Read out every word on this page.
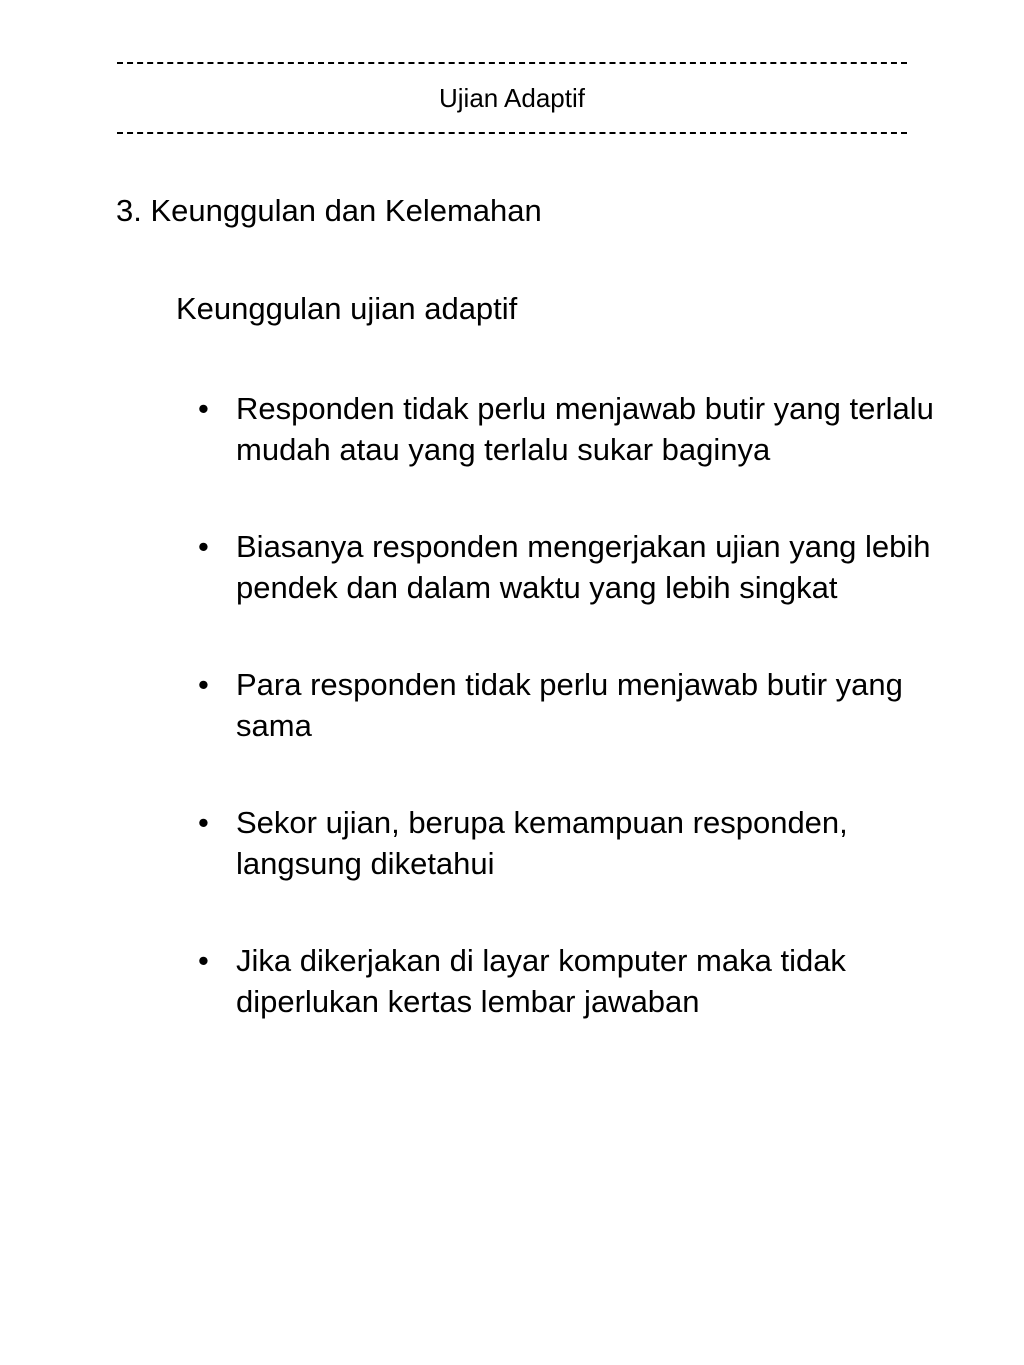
Ujian Adaptif
3. Keunggulan dan Kelemahan
Keunggulan ujian adaptif
• Responden tidak perlu menjawab butir yang terlalu mudah atau yang terlalu sukar baginya
• Biasanya responden mengerjakan ujian yang lebih pendek dan dalam waktu yang lebih singkat
• Para responden tidak perlu menjawab butir yang sama
• Sekor ujian, berupa kemampuan responden, langsung diketahui
• Jika dikerjakan di layar komputer maka tidak diperlukan kertas lembar jawaban
